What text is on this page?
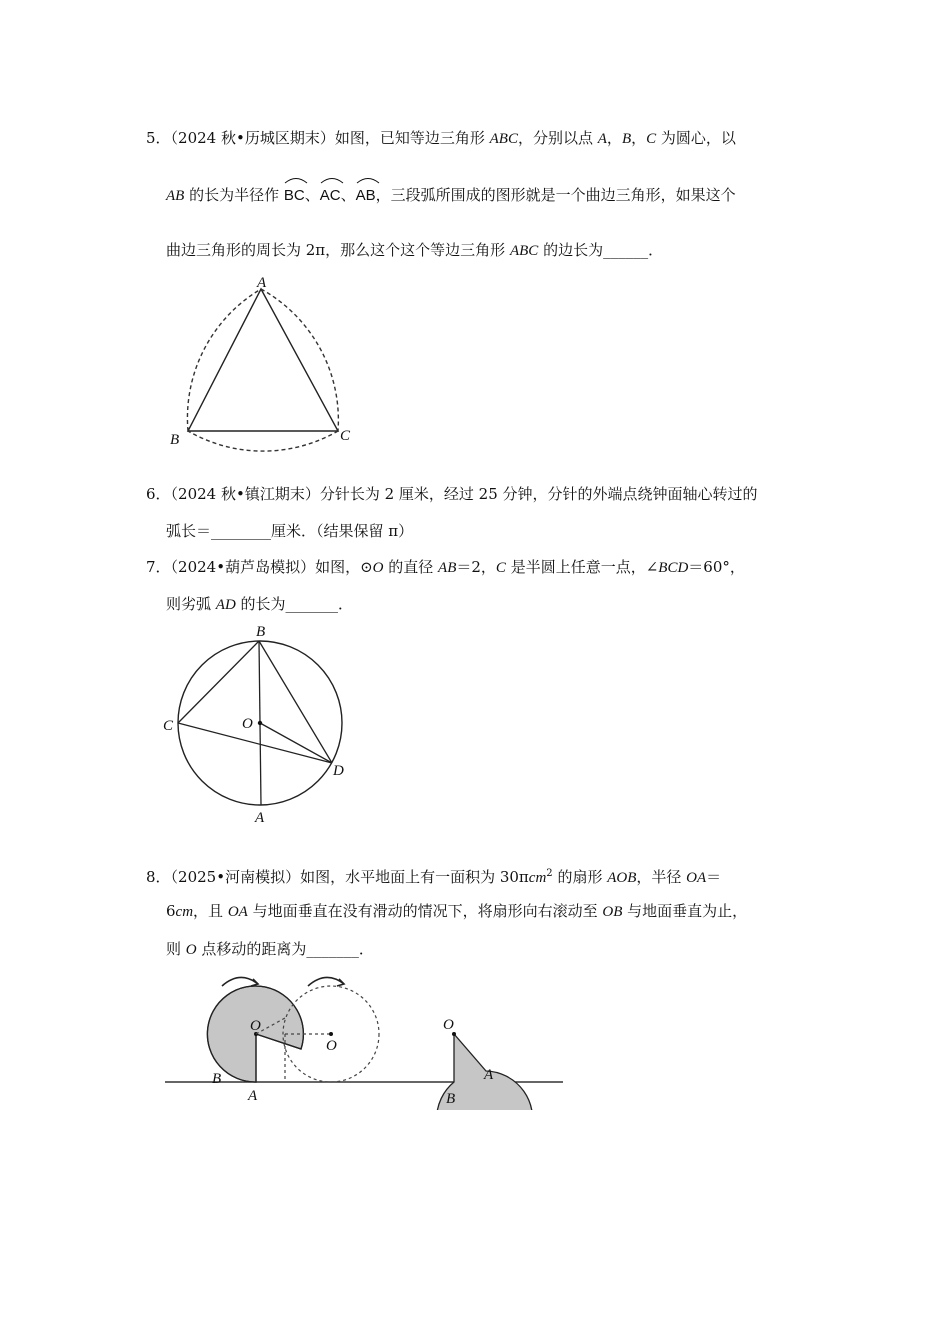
5．（2024 秋•历城区期末）如图，已知等边三角形 ABC，分别以点 A，B，C 为圆心，以
AB 的长为半径作 BC、
AC、
AB，三段弧所围成的图形就是一个曲边三角形，如果这个
曲边三角形的周长为 2π，那么这个这个等边三角形 ABC 的边长为______．
A
B	C
6．（2024 秋•镇江期末）分针长为 2 厘米，经过 25 分钟，分针的外端点绕钟面轴心转过的
弧长＝________厘米．（结果保留 π）
7．（2024•葫芦岛模拟）如图，⊙O 的直径 AB＝2，C 是半圆上任意一点，∠BCD＝60°，
则劣弧 AD 的长为_______．
B
C	O
D
A
8．（2025•河南模拟）如图，水平地面上有一面积为 30πcm$^2$ 的扇形 AOB，半径 OA＝
6cm，且 OA 与地面垂直在没有滑动的情况下，将扇形向右滚动至 OB 与地面垂直为止，
则 O 点移动的距离为_______．
O
B
A
O
O
A
B
